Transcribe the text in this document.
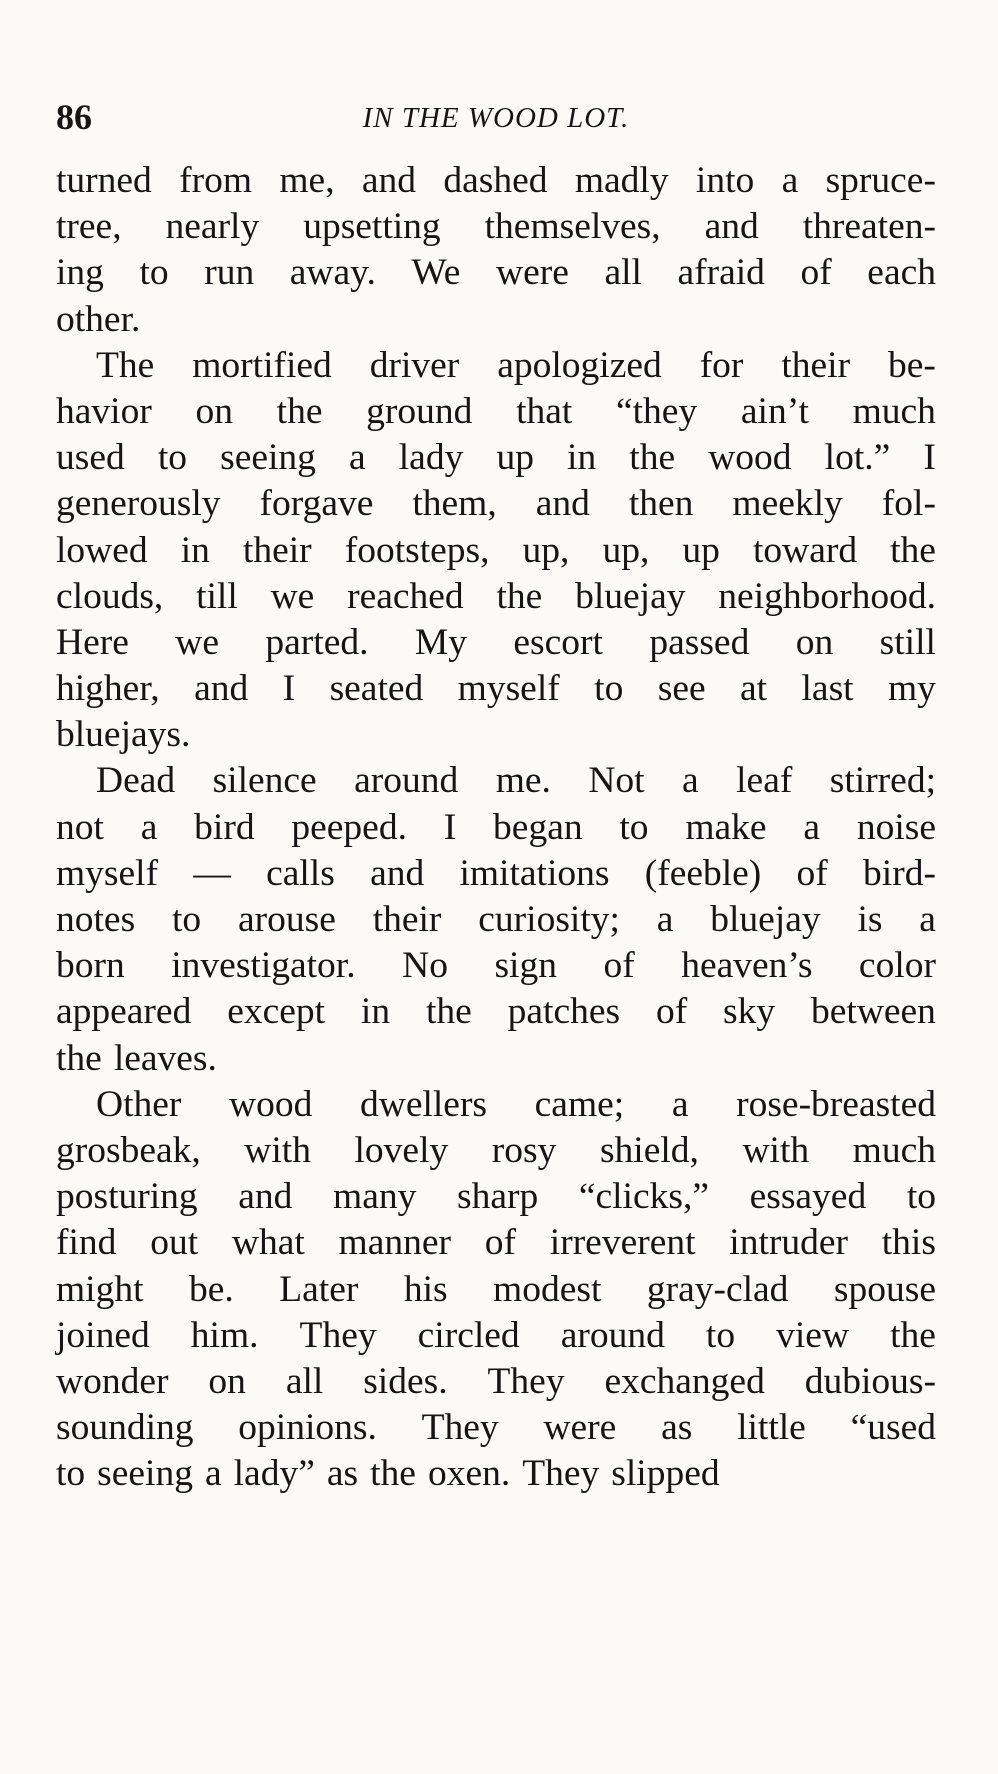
86	IN THE WOOD LOT.
turned from me, and dashed madly into a spruce-
tree, nearly upsetting themselves, and threaten-
ing to run away. We were all afraid of each
other.
The mortified driver apologized for their be-
havior on the ground that “they ain’t much
used to seeing a lady up in the wood lot.” I
generously forgave them, and then meekly fol-
lowed in their footsteps, up, up, up toward the
clouds, till we reached the bluejay neighborhood.
Here we parted. My escort passed on still
higher, and I seated myself to see at last my
bluejays.
Dead silence around me. Not a leaf stirred;
not a bird peeped. I began to make a noise
myself — calls and imitations (feeble) of bird-
notes to arouse their curiosity; a bluejay is a
born investigator. No sign of heaven’s color
appeared except in the patches of sky between
the leaves.
Other wood dwellers came; a rose-breasted
grosbeak, with lovely rosy shield, with much
posturing and many sharp “clicks,” essayed to
find out what manner of irreverent intruder this
might be. Later his modest gray-clad spouse
joined him. They circled around to view the
wonder on all sides. They exchanged dubious-
sounding opinions. They were as little “used
to seeing a lady” as the oxen. They slipped
